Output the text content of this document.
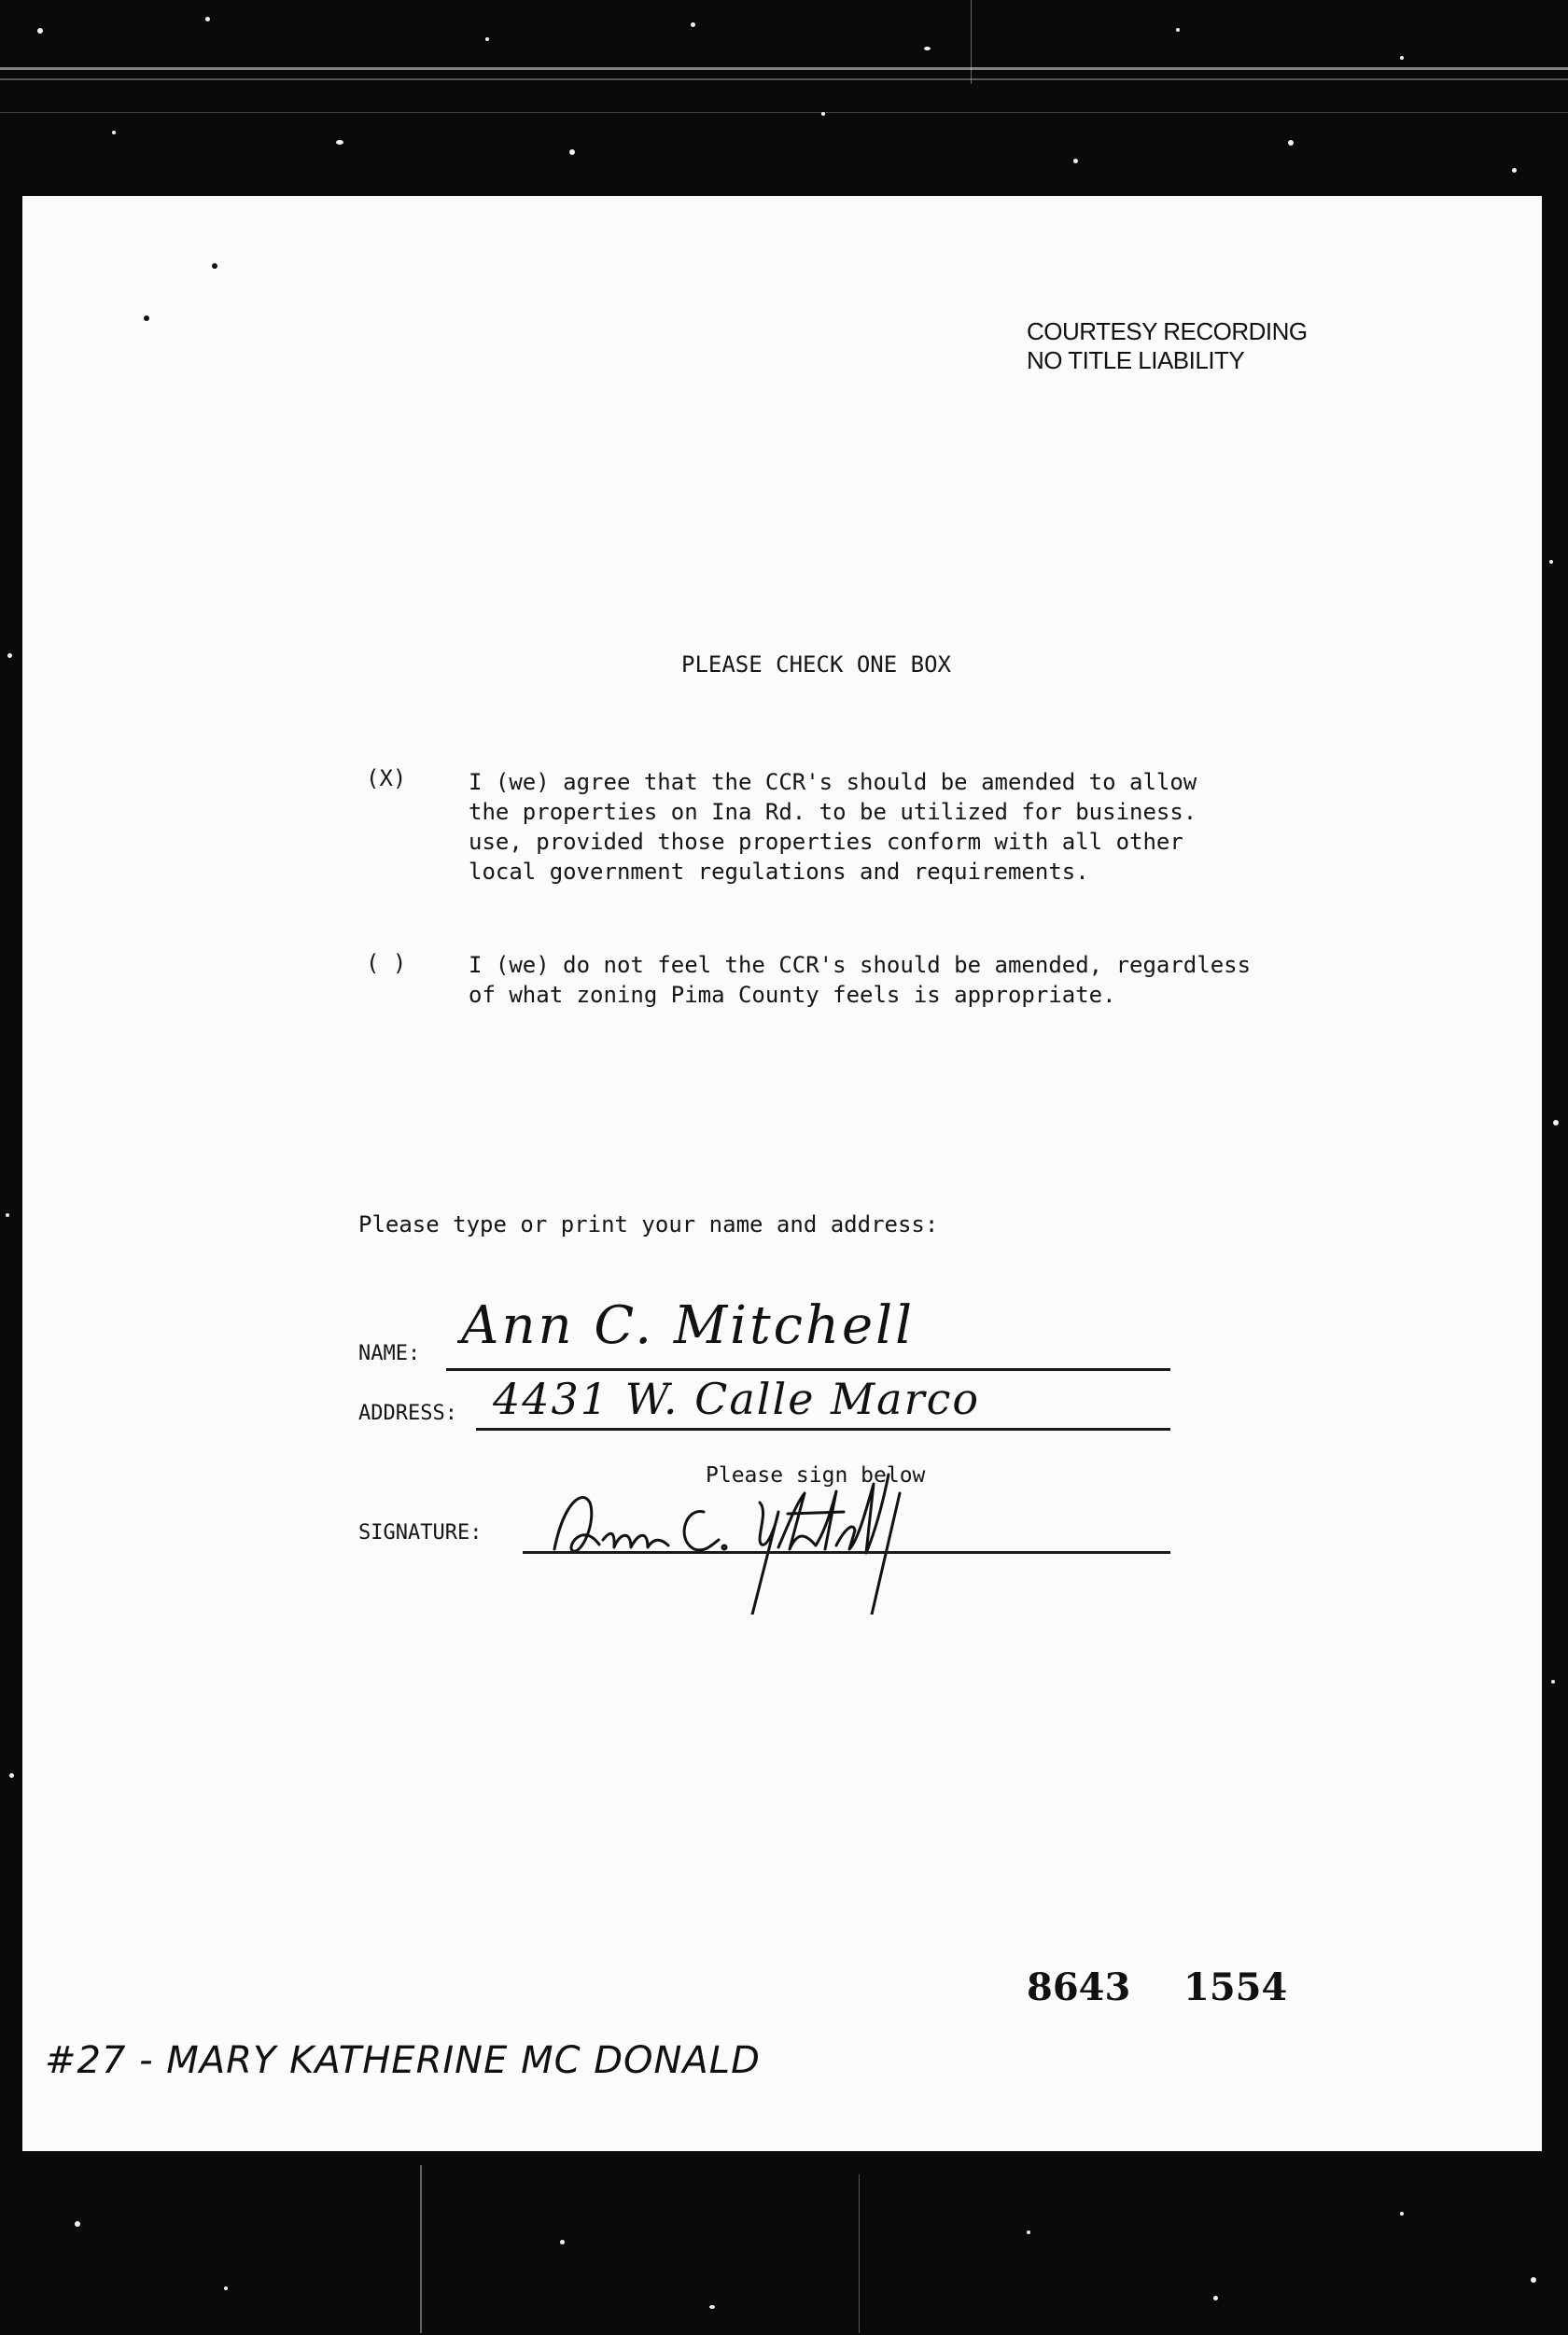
COURTESY RECORDING
NO TITLE LIABILITY
PLEASE CHECK ONE BOX
(X)	I (we) agree that the CCR's should be amended to allow
the properties on Ina Rd. to be utilized for business.
use, provided those properties conform with all other
local government regulations and requirements.
( )	I (we) do not feel the CCR's should be amended, regardless
of what zoning Pima County feels is appropriate.
Please type or print your name and address:
NAME: Ann C. Mitchell
ADDRESS: 4431 W. Calle Marco
Please sign below
SIGNATURE:
8643 1554
#27 - MARY KATHERINE MC DONALD
